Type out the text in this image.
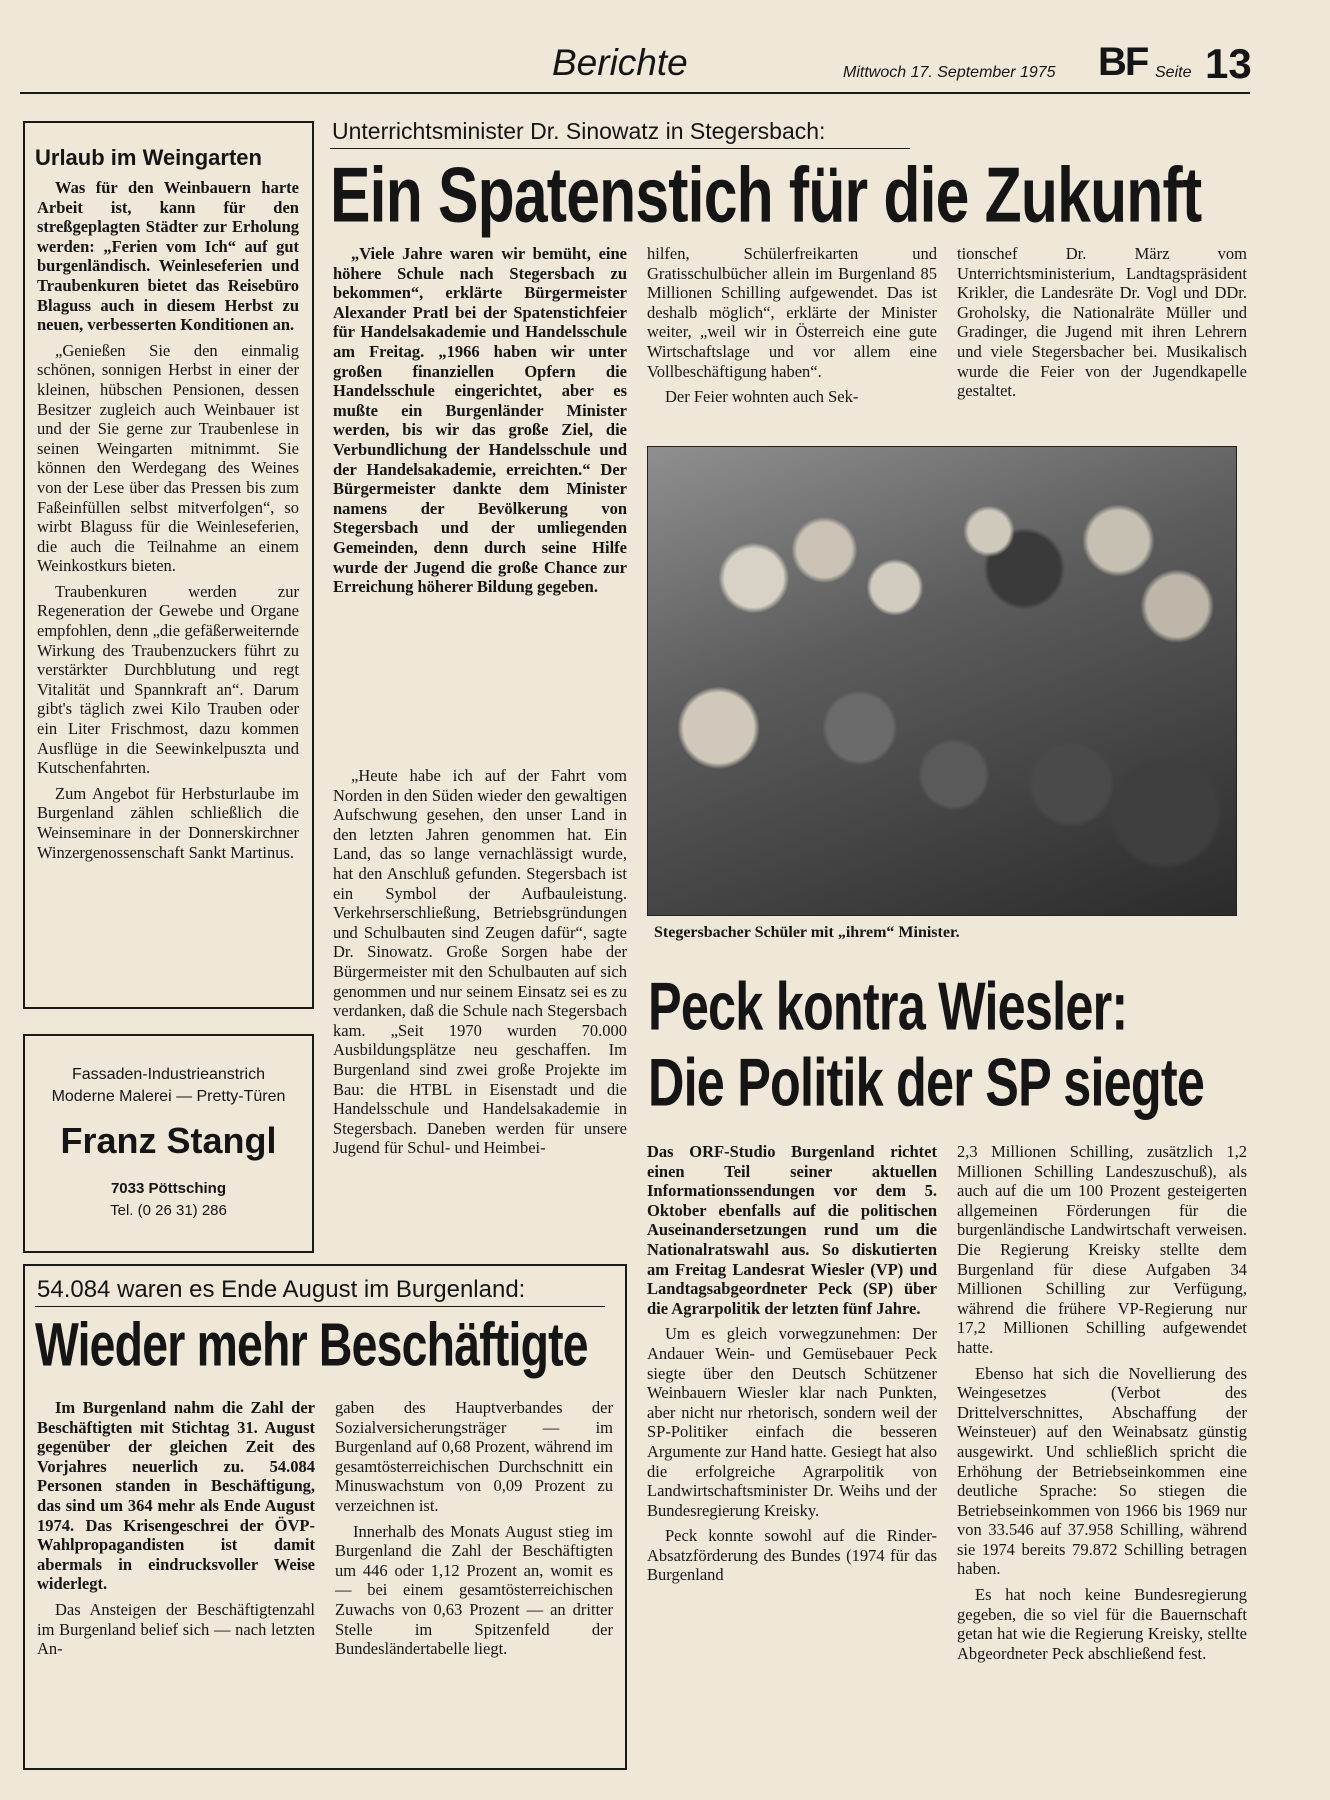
Berichte	Mittwoch 17. September 1975 BF Seite 13
Urlaub im Weingarten

Was für den Weinbauern harte Arbeit ist, kann für den streßgeplagten Städter zur Erholung werden: „Ferien vom Ich“ auf gut burgenländisch. Weinleseferien und Traubenkuren bietet das Reisebüro Blaguss auch in diesem Herbst zu neuen, verbesserten Konditionen an.

„Genießen Sie den einmalig schönen, sonnigen Herbst in einer der kleinen, hübschen Pensionen, dessen Besitzer zugleich auch Weinbauer ist und der Sie gerne zur Traubenlese in seinen Weingarten mitnimmt. Sie können den Werdegang des Weines von der Lese über das Pressen bis zum Faßeinfüllen selbst mitverfolgen“, so wirbt Blaguss für die Weinleseferien, die auch die Teilnahme an einem Weinkostkurs bieten.

Traubenkuren werden zur Regeneration der Gewebe und Organe empfohlen, denn „die gefäßerweiternde Wirkung des Traubenzuckers führt zu verstärkter Durchblutung und regt Vitalität und Spannkraft an“. Darum gibt's täglich zwei Kilo Trauben oder ein Liter Frischmost, dazu kommen Ausflüge in die Seewinkelpuszta und Kutschenfahrten.

Zum Angebot für Herbsturlaube im Burgenland zählen schließlich die Weinseminare in der Donnerskirchner Winzergenossenschaft Sankt Martinus.

Fassaden-Industrieanstrich
Moderne Malerei — Pretty-Türen
Franz Stangl
7033 Pöttsching
Tel. (0 26 31) 286
Unterrichtsminister Dr. Sinowatz in Stegersbach:
Ein Spatenstich für die Zukunft

„Viele Jahre waren wir bemüht, eine höhere Schule nach Stegersbach zu bekommen“, erklärte Bürgermeister Alexander Pratl bei der Spatenstichfeier für Handelsakademie und Handelsschule am Freitag. „1966 haben wir unter großen finanziellen Opfern die Handelsschule eingerichtet, aber es mußte ein Burgenländer Minister werden, bis wir das große Ziel, die Verbundlichung der Handelsschule und der Handelsakademie, erreichten.“ Der Bürgermeister dankte dem Minister namens der Bevölkerung von Stegersbach und der umliegenden Gemeinden, denn durch seine Hilfe wurde der Jugend die große Chance zur Erreichung höherer Bildung gegeben.

„Heute habe ich auf der Fahrt vom Norden in den Süden wieder den gewaltigen Aufschwung gesehen, den unser Land in den letzten Jahren genommen hat. Ein Land, das so lange vernachlässigt wurde, hat den Anschluß gefunden. Stegersbach ist ein Symbol der Aufbauleistung. Verkehrserschließung, Betriebsgründungen und Schulbauten sind Zeugen dafür“, sagte Dr. Sinowatz. Große Sorgen habe der Bürgermeister mit den Schulbauten auf sich genommen und nur seinem Einsatz sei es zu verdanken, daß die Schule nach Stegersbach kam. „Seit 1970 wurden 70.000 Ausbildungsplätze neu geschaffen. Im Burgenland sind zwei große Projekte im Bau: die HTBL in Eisenstadt und die Handelsschule und Handelsakademie in Stegersbach. Daneben werden für unsere Jugend für Schul- und Heimbei-

hilfen, Schülerfreikarten und Gratisschulbücher allein im Burgenland 85 Millionen Schilling aufgewendet. Das ist deshalb möglich“, erklärte der Minister weiter, „weil wir in Österreich eine gute Wirtschaftslage und vor allem eine Vollbeschäftigung haben“.

Der Feier wohnten auch Sek-

tionschef Dr. März vom Unterrichtsministerium, Landtagspräsident Krikler, die Landesräte Dr. Vogl und DDr. Groholsky, die Nationalräte Müller und Gradinger, die Jugend mit ihren Lehrern und viele Stegersbacher bei. Musikalisch wurde die Feier von der Jugendkapelle gestaltet.

Stegersbacher Schüler mit „ihrem“ Minister.
Peck kontra Wiesler:
Die Politik der SP siegte

Das ORF-Studio Burgenland richtet einen Teil seiner aktuellen Informationssendungen vor dem 5. Oktober ebenfalls auf die politischen Auseinandersetzungen rund um die Nationalratswahl aus. So diskutierten am Freitag Landesrat Wiesler (VP) und Landtagsabgeordneter Peck (SP) über die Agrarpolitik der letzten fünf Jahre.

Um es gleich vorwegzunehmen: Der Andauer Wein- und Gemüsebauer Peck siegte über den Deutsch Schützener Weinbauern Wiesler klar nach Punkten, aber nicht nur rhetorisch, sondern weil der SP-Politiker einfach die besseren Argumente zur Hand hatte. Gesiegt hat also die erfolgreiche Agrarpolitik von Landwirtschaftsminister Dr. Weihs und der Bundesregierung Kreisky.

Peck konnte sowohl auf die Rinder-Absatzförderung des Bundes (1974 für das Burgenland

2,3 Millionen Schilling, zusätzlich 1,2 Millionen Schilling Landeszuschuß), als auch auf die um 100 Prozent gesteigerten allgemeinen Förderungen für die burgenländische Landwirtschaft verweisen. Die Regierung Kreisky stellte dem Burgenland für diese Aufgaben 34 Millionen Schilling zur Verfügung, während die frühere VP-Regierung nur 17,2 Millionen Schilling aufgewendet hatte.

Ebenso hat sich die Novellierung des Weingesetzes (Verbot des Drittelverschnittes, Abschaffung der Weinsteuer) auf den Weinabsatz günstig ausgewirkt. Und schließlich spricht die Erhöhung der Betriebseinkommen eine deutliche Sprache: So stiegen die Betriebseinkommen von 1966 bis 1969 nur von 33.546 auf 37.958 Schilling, während sie 1974 bereits 79.872 Schilling betragen haben.

Es hat noch keine Bundesregierung gegeben, die so viel für die Bauernschaft getan hat wie die Regierung Kreisky, stellte Abgeordneter Peck abschließend fest.

54.084 waren es Ende August im Burgenland:
Wieder mehr Beschäftigte

Im Burgenland nahm die Zahl der Beschäftigten mit Stichtag 31. August gegenüber der gleichen Zeit des Vorjahres neuerlich zu. 54.084 Personen standen in Beschäftigung, das sind um 364 mehr als Ende August 1974. Das Krisengeschrei der ÖVP-Wahlpropagandisten ist damit abermals in eindrucksvoller Weise widerlegt.

Das Ansteigen der Beschäftigtenzahl im Burgenland belief sich — nach letzten An-

gaben des Hauptverbandes der Sozialversicherungsträger — im Burgenland auf 0,68 Prozent, während im gesamtösterreichischen Durchschnitt ein Minuswachstum von 0,09 Prozent zu verzeichnen ist.

Innerhalb des Monats August stieg im Burgenland die Zahl der Beschäftigten um 446 oder 1,12 Prozent an, womit es — bei einem gesamtösterreichischen Zuwachs von 0,63 Prozent — an dritter Stelle im Spitzenfeld der Bundesländertabelle liegt.
